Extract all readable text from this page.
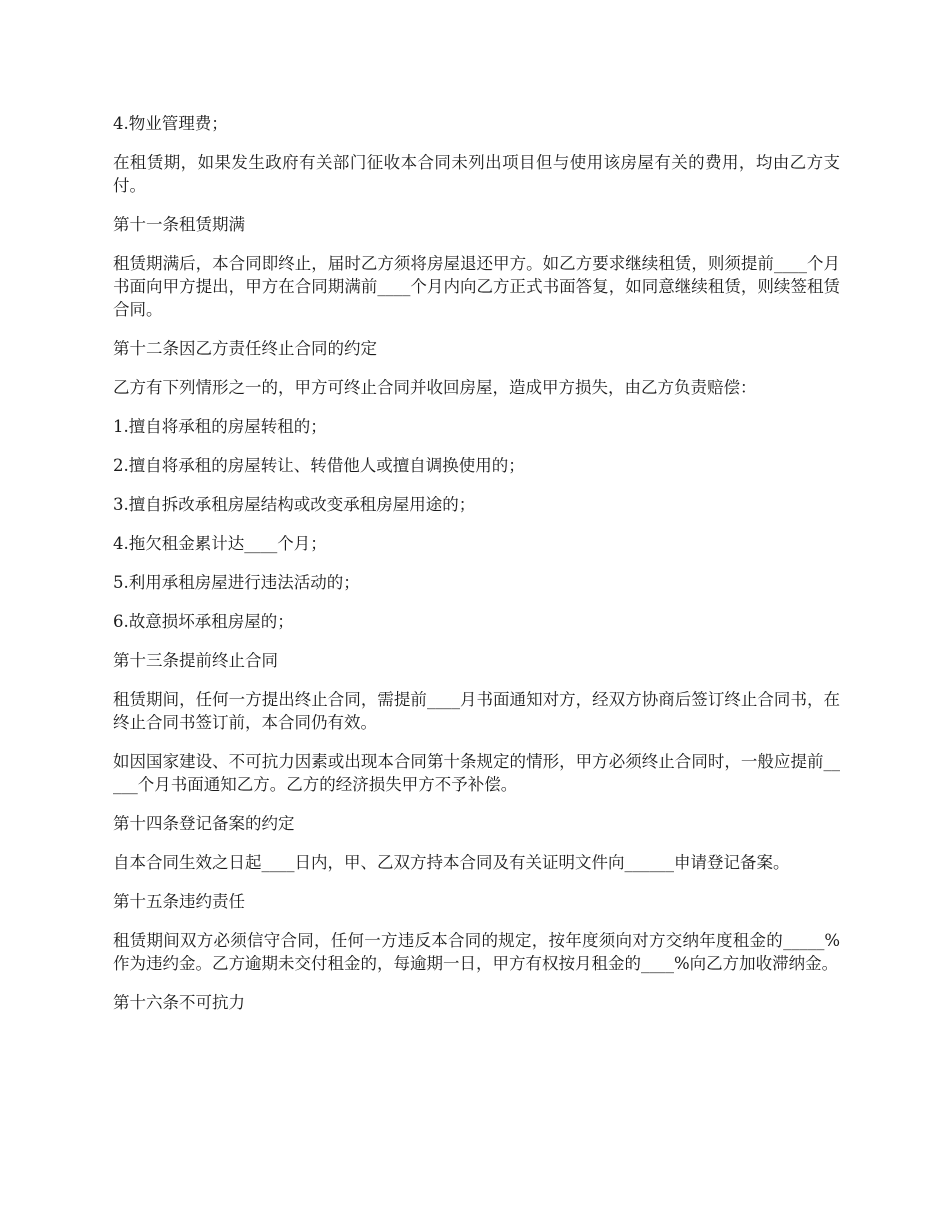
4.物业管理费；

在租赁期，如果发生政府有关部门征收本合同未列出项目但与使用该房屋有关的费用，均由乙方支付。

第十一条租赁期满

租赁期满后，本合同即终止，届时乙方须将房屋退还甲方。如乙方要求继续租赁，则须提前____个月书面向甲方提出，甲方在合同期满前____个月内向乙方正式书面答复，如同意继续租赁，则续签租赁合同。

第十二条因乙方责任终止合同的约定

乙方有下列情形之一的，甲方可终止合同并收回房屋，造成甲方损失，由乙方负责赔偿：

1.擅自将承租的房屋转租的；

2.擅自将承租的房屋转让、转借他人或擅自调换使用的；

3.擅自拆改承租房屋结构或改变承租房屋用途的；

4.拖欠租金累计达____个月；

5.利用承租房屋进行违法活动的；

6.故意损坏承租房屋的；

第十三条提前终止合同

租赁期间，任何一方提出终止合同，需提前____月书面通知对方，经双方协商后签订终止合同书，在终止合同书签订前，本合同仍有效。

如因国家建设、不可抗力因素或出现本合同第十条规定的情形，甲方必须终止合同时，一般应提前_____个月书面通知乙方。乙方的经济损失甲方不予补偿。

第十四条登记备案的约定

自本合同生效之日起____日内，甲、乙双方持本合同及有关证明文件向______申请登记备案。

第十五条违约责任

租赁期间双方必须信守合同，任何一方违反本合同的规定，按年度须向对方交纳年度租金的_____%作为违约金。乙方逾期未交付租金的，每逾期一日，甲方有权按月租金的____%向乙方加收滞纳金。

第十六条不可抗力
